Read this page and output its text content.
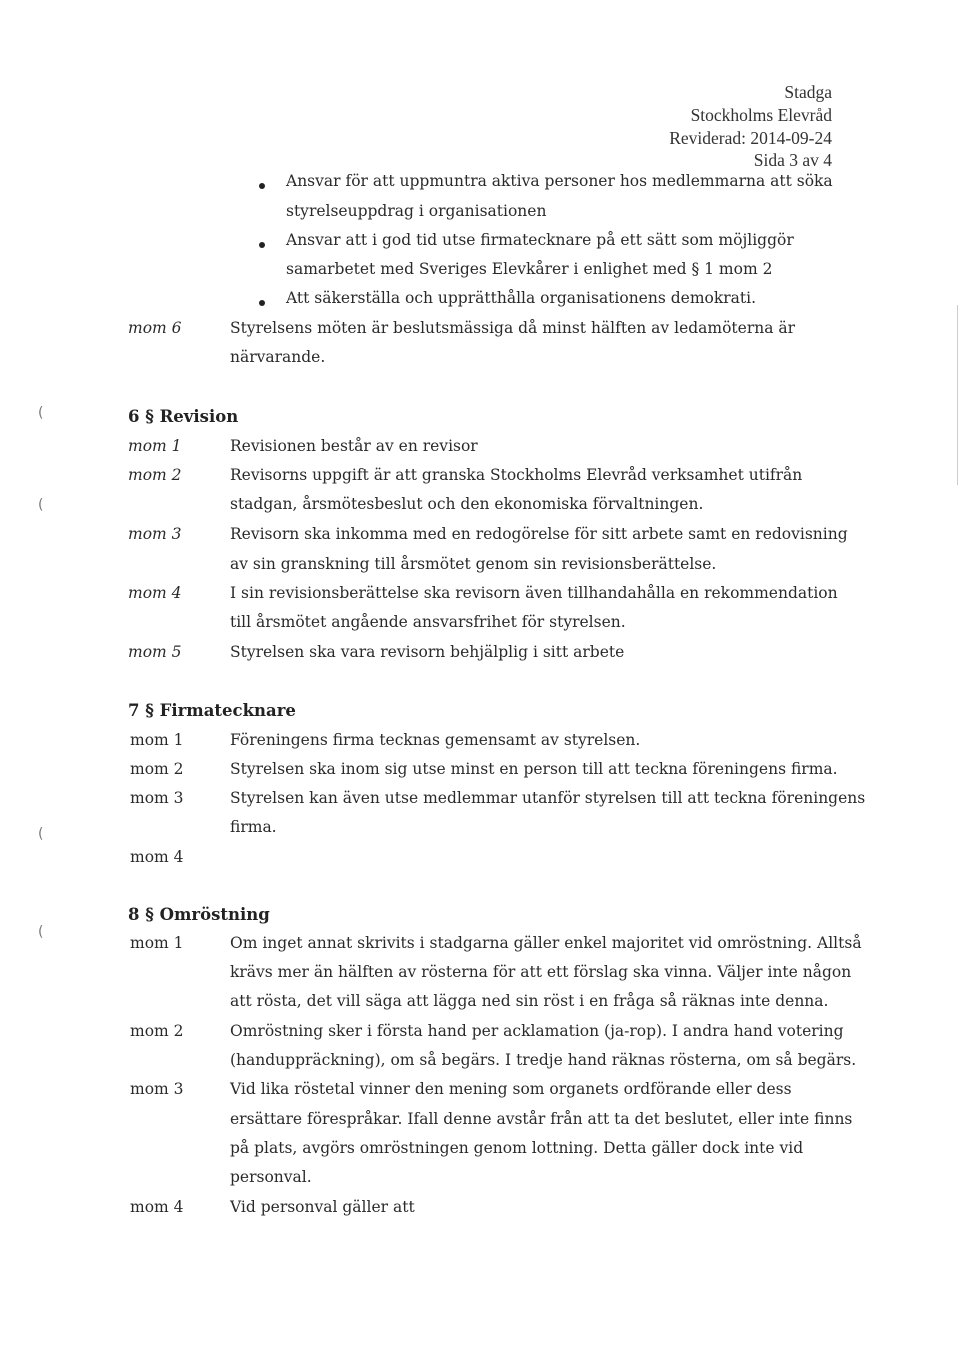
Stadga
Stockholms Elevråd
Reviderad: 2014-09-24
Sida 3 av 4
Ansvar för att uppmuntra aktiva personer hos medlemmarna att söka
styrelseuppdrag i organisationen
Ansvar att i god tid utse firmatecknare på ett sätt som möjliggör
samarbetet med Sveriges Elevkårer i enlighet med § 1 mom 2
Att säkerställa och upprätthålla organisationens demokrati.
mom 6	Styrelsens möten är beslutsmässiga då minst hälften av ledamöterna är
närvarande.
(
(
(
(
6 § Revision
mom 1	Revisionen består av en revisor
mom 2	Revisorns uppgift är att granska Stockholms Elevråd verksamhet utifrån
stadgan, årsmötesbeslut och den ekonomiska förvaltningen.
mom 3	Revisorn ska inkomma med en redogörelse för sitt arbete samt en redovisning
av sin granskning till årsmötet genom sin revisionsberättelse.
mom 4	I sin revisionsberättelse ska revisorn även tillhandahålla en rekommendation
till årsmötet angående ansvarsfrihet för styrelsen.
mom 5	Styrelsen ska vara revisorn behjälplig i sitt arbete
7 § Firmatecknare
mom 1	Föreningens firma tecknas gemensamt av styrelsen.
mom 2	Styrelsen ska inom sig utse minst en person till att teckna föreningens firma.
mom 3	Styrelsen kan även utse medlemmar utanför styrelsen till att teckna föreningens
firma.
mom 4
8 § Omröstning
mom 1	Om inget annat skrivits i stadgarna gäller enkel majoritet vid omröstning. Alltså
krävs mer än hälften av rösterna för att ett förslag ska vinna. Väljer inte någon
att rösta, det vill säga att lägga ned sin röst i en fråga så räknas inte denna.
mom 2	Omröstning sker i första hand per acklamation (ja-rop). I andra hand votering
(handuppräckning), om så begärs. I tredje hand räknas rösterna, om så begärs.
mom 3	Vid lika röstetal vinner den mening som organets ordförande eller dess
ersättare förespråkar. Ifall denne avstår från att ta det beslutet, eller inte finns
på plats, avgörs omröstningen genom lottning. Detta gäller dock inte vid
personval.
mom 4	Vid personval gäller att
